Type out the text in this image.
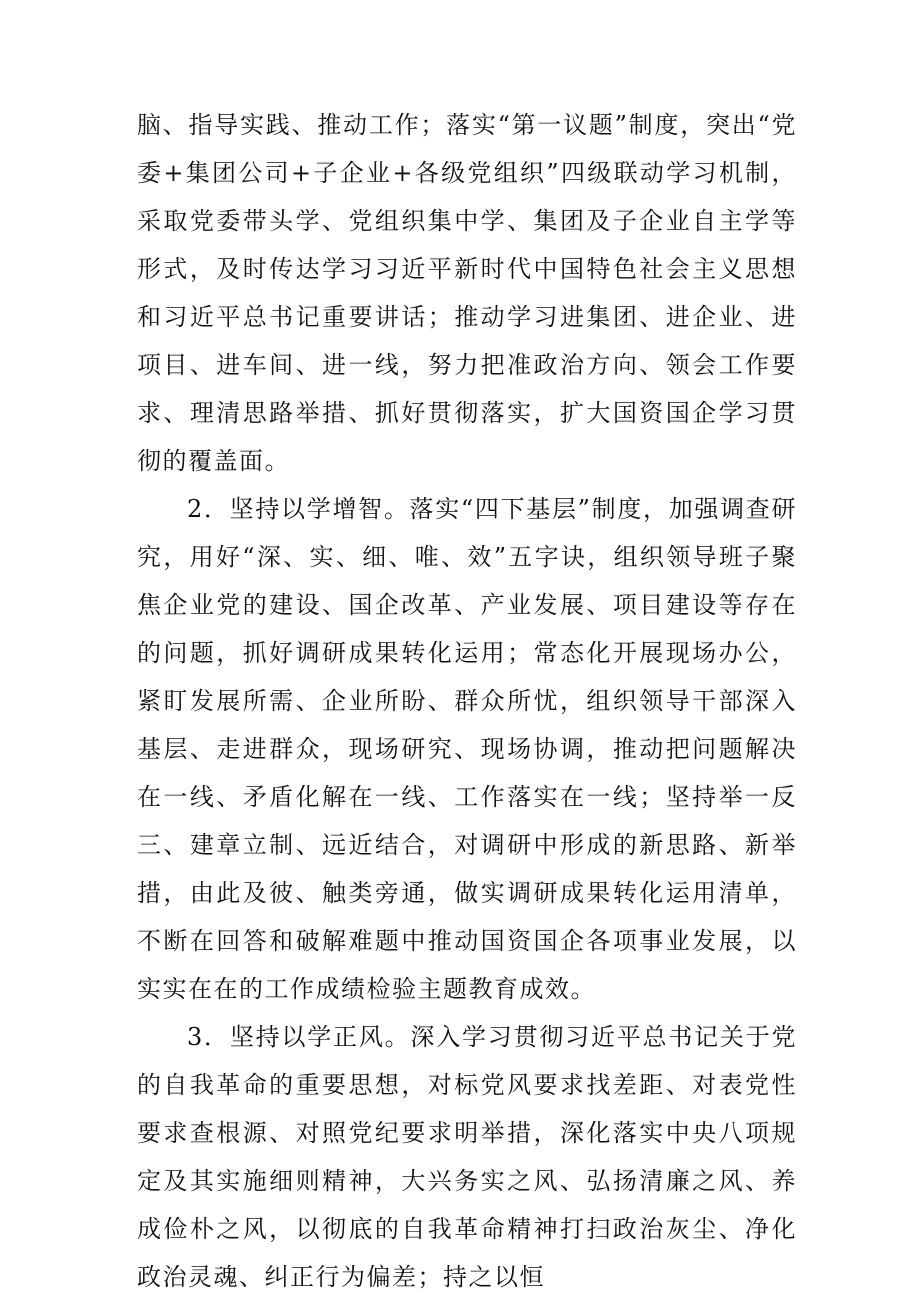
脑、指导实践、推动工作；落实“第一议题”制度，突出“党委+集团公司+子企业+各级党组织”四级联动学习机制，采取党委带头学、党组织集中学、集团及子企业自主学等形式，及时传达学习习近平新时代中国特色社会主义思想和习近平总书记重要讲话；推动学习进集团、进企业、进项目、进车间、进一线，努力把准政治方向、领会工作要求、理清思路举措、抓好贯彻落实，扩大国资国企学习贯彻的覆盖面。

2．坚持以学增智。落实“四下基层”制度，加强调查研究，用好“深、实、细、唯、效”五字诀，组织领导班子聚焦企业党的建设、国企改革、产业发展、项目建设等存在的问题，抓好调研成果转化运用；常态化开展现场办公，紧盯发展所需、企业所盼、群众所忧，组织领导干部深入基层、走进群众，现场研究、现场协调，推动把问题解决在一线、矛盾化解在一线、工作落实在一线；坚持举一反三、建章立制、远近结合，对调研中形成的新思路、新举措，由此及彼、触类旁通，做实调研成果转化运用清单，不断在回答和破解难题中推动国资国企各项事业发展，以实实在在的工作成绩检验主题教育成效。

3．坚持以学正风。深入学习贯彻习近平总书记关于党的自我革命的重要思想，对标党风要求找差距、对表党性要求查根源、对照党纪要求明举措，深化落实中央八项规定及其实施细则精神，大兴务实之风、弘扬清廉之风、养成俭朴之风，以彻底的自我革命精神打扫政治灰尘、净化政治灵魂、纠正行为偏差；持之以恒
